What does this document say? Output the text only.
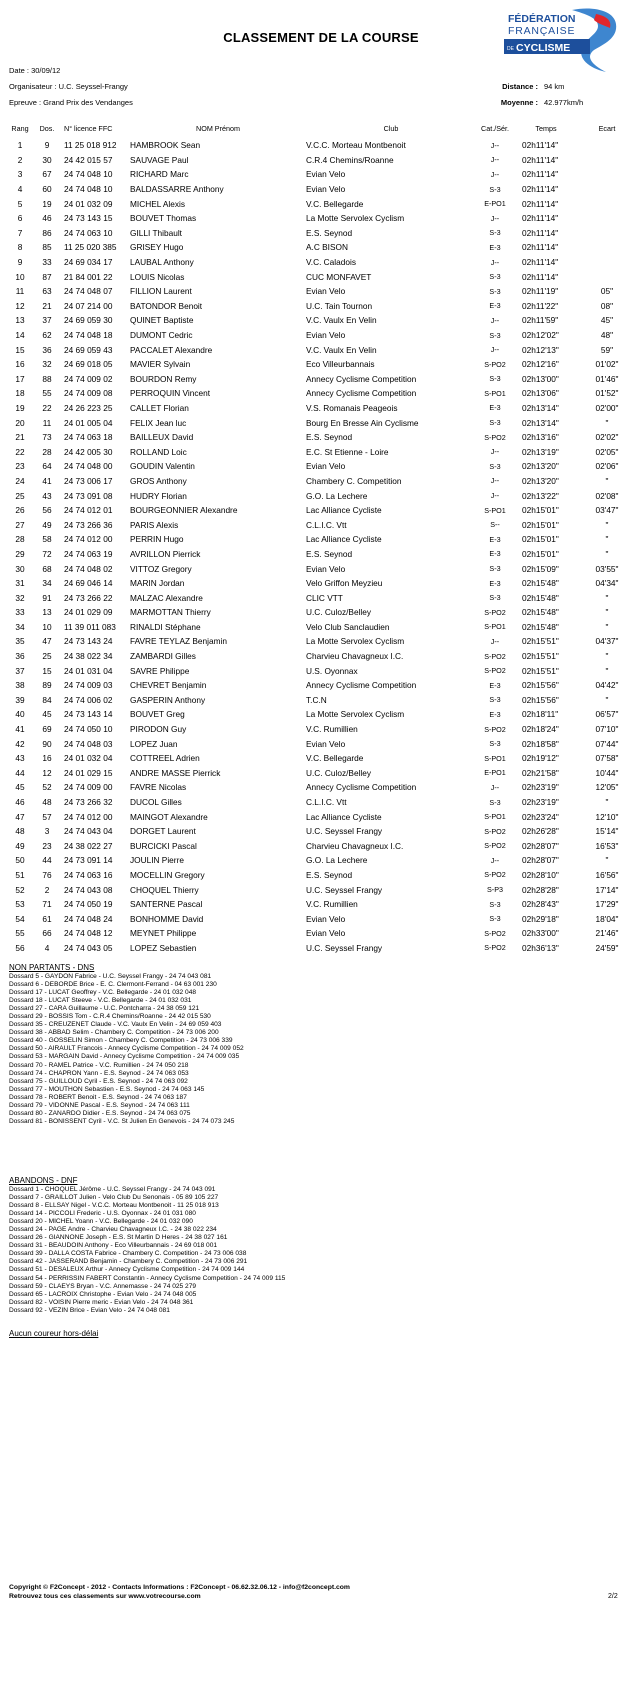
CLASSEMENT DE LA COURSE
FÉDÉRATION
FRANÇAISE
DE CYCLISME
Date : 30/09/12
Organisateur : U.C. Seyssel-Frangy
Epreuve : Grand Prix des Vendanges
Distance : 94 km
Moyenne : 42.977km/h
Rang	Dos.	N° licence FFC	NOM Prénom	Club	Cat./Sér.	Temps	Ecart
1	9	11 25 018 912	HAMBROOK Sean	V.C.C. Morteau Montbenoit	J--	02h11'14"	
2	30	24 42 015 57	SAUVAGE Paul	C.R.4 Chemins/Roanne	J--	02h11'14"	
3	67	24 74 048 10	RICHARD Marc	Evian Velo	J--	02h11'14"	
4	60	24 74 048 10	BALDASSARRE Anthony	Evian Velo	S-3	02h11'14"	
5	19	24 01 032 09	MICHEL Alexis	V.C. Bellegarde	E-PO1	02h11'14"	
6	46	24 73 143 15	BOUVET Thomas	La Motte Servolex Cyclism	J--	02h11'14"	
7	86	24 74 063 10	GILLI Thibault	E.S. Seynod	S-3	02h11'14"	
8	85	11 25 020 385	GRISEY Hugo	A.C BISON	E-3	02h11'14"	
9	33	24 69 034 17	LAUBAL Anthony	V.C. Caladois	J--	02h11'14"	
10	87	21 84 001 22	LOUIS Nicolas	CUC MONFAVET	S-3	02h11'14"	
11	63	24 74 048 07	FILLION Laurent	Evian Velo	S-3	02h11'19"	05"
12	21	24 07 214 00	BATONDOR Benoit	U.C. Tain Tournon	E-3	02h11'22"	08"
13	37	24 69 059 30	QUINET Baptiste	V.C. Vaulx En Velin	J--	02h11'59"	45"
14	62	24 74 048 18	DUMONT Cedric	Evian Velo	S-3	02h12'02"	48"
15	36	24 69 059 43	PACCALET Alexandre	V.C. Vaulx En Velin	J--	02h12'13"	59"
16	32	24 69 018 05	MAVIER Sylvain	Eco Villeurbannais	S-PO2	02h12'16"	01'02"
17	88	24 74 009 02	BOURDON Remy	Annecy Cyclisme Competition	S-3	02h13'00"	01'46"
18	55	24 74 009 08	PERROQUIN Vincent	Annecy Cyclisme Competition	S-PO1	02h13'06"	01'52"
19	22	24 26 223 25	CALLET Florian	V.S. Romanais Peageois	E-3	02h13'14"	02'00"
20	11	24 01 005 04	FELIX Jean luc	Bourg En Bresse Ain Cyclisme	S-3	02h13'14"	"
21	73	24 74 063 18	BAILLEUX David	E.S. Seynod	S-PO2	02h13'16"	02'02"
22	28	24 42 005 30	ROLLAND Loic	E.C. St Etienne - Loire	J--	02h13'19"	02'05"
23	64	24 74 048 00	GOUDIN Valentin	Evian Velo	S-3	02h13'20"	02'06"
24	41	24 73 006 17	GROS Anthony	Chambery C. Competition	J--	02h13'20"	"
25	43	24 73 091 08	HUDRY Florian	G.O. La Lechere	J--	02h13'22"	02'08"
26	56	24 74 012 01	BOURGEONNIER Alexandre	Lac Alliance Cycliste	S-PO1	02h15'01"	03'47"
27	49	24 73 266 36	PARIS Alexis	C.L.I.C. Vtt	S--	02h15'01"	"
28	58	24 74 012 00	PERRIN Hugo	Lac Alliance Cycliste	E-3	02h15'01"	"
29	72	24 74 063 19	AVRILLON Pierrick	E.S. Seynod	E-3	02h15'01"	"
30	68	24 74 048 02	VITTOZ Gregory	Evian Velo	S-3	02h15'09"	03'55"
31	34	24 69 046 14	MARIN Jordan	Velo Griffon Meyzieu	E-3	02h15'48"	04'34"
32	91	24 73 266 22	MALZAC Alexandre	CLIC VTT	S-3	02h15'48"	"
33	13	24 01 029 09	MARMOTTAN Thierry	U.C. Culoz/Belley	S-PO2	02h15'48"	"
34	10	11 39 011 083	RINALDI Stéphane	Velo Club Sanclaudien	S-PO1	02h15'48"	"
35	47	24 73 143 24	FAVRE TEYLAZ Benjamin	La Motte Servolex Cyclism	J--	02h15'51"	04'37"
36	25	24 38 022 34	ZAMBARDI Gilles	Charvieu Chavagneux I.C.	S-PO2	02h15'51"	"
37	15	24 01 031 04	SAVRE Philippe	U.S. Oyonnax	S-PO2	02h15'51"	"
38	89	24 74 009 03	CHEVRET Benjamin	Annecy Cyclisme Competition	E-3	02h15'56"	04'42"
39	84	24 74 006 02	GASPERIN Anthony	T.C.N	S-3	02h15'56"	"
40	45	24 73 143 14	BOUVET Greg	La Motte Servolex Cyclism	E-3	02h18'11"	06'57"
41	69	24 74 050 10	PIRODON Guy	V.C. Rumillien	S-PO2	02h18'24"	07'10"
42	90	24 74 048 03	LOPEZ Juan	Evian Velo	S-3	02h18'58"	07'44"
43	16	24 01 032 04	COTTREEL Adrien	V.C. Bellegarde	S-PO1	02h19'12"	07'58"
44	12	24 01 029 15	ANDRE MASSE Pierrick	U.C. Culoz/Belley	E-PO1	02h21'58"	10'44"
45	52	24 74 009 00	FAVRE Nicolas	Annecy Cyclisme Competition	J--	02h23'19"	12'05"
46	48	24 73 266 32	DUCOL Gilles	C.L.I.C. Vtt	S-3	02h23'19"	"
47	57	24 74 012 00	MAINGOT Alexandre	Lac Alliance Cycliste	S-PO1	02h23'24"	12'10"
48	3	24 74 043 04	DORGET Laurent	U.C. Seyssel Frangy	S-PO2	02h26'28"	15'14"
49	23	24 38 022 27	BURCICKI Pascal	Charvieu Chavagneux I.C.	S-PO2	02h28'07"	16'53"
50	44	24 73 091 14	JOULIN Pierre	G.O. La Lechere	J--	02h28'07"	"
51	76	24 74 063 16	MOCELLIN Gregory	E.S. Seynod	S-PO2	02h28'10"	16'56"
52	2	24 74 043 08	CHOQUEL Thierry	U.C. Seyssel Frangy	S-P3	02h28'28"	17'14"
53	71	24 74 050 19	SANTERNE Pascal	V.C. Rumillien	S-3	02h28'43"	17'29"
54	61	24 74 048 24	BONHOMME David	Evian Velo	S-3	02h29'18"	18'04"
55	66	24 74 048 12	MEYNET Philippe	Evian Velo	S-PO2	02h33'00"	21'46"
56	4	24 74 043 05	LOPEZ Sebastien	U.C. Seyssel Frangy	S-PO2	02h36'13"	24'59"
NON PARTANTS - DNS
Dossard 5 - GAYDON Fabrice - U.C. Seyssel Frangy - 24 74 043 081
Dossard 6 - DEBORDE Brice - E. C. Clermont-Ferrand - 04 63 001 230
Dossard 17 - LUCAT Geoffrey - V.C. Bellegarde - 24 01 032 048
Dossard 18 - LUCAT Steeve - V.C. Bellegarde - 24 01 032 031
Dossard 27 - CARA Guillaume - U.C. Pontcharra - 24 38 059 121
Dossard 29 - BOSSIS Tom - C.R.4 Chemins/Roanne - 24 42 015 530
Dossard 35 - CREUZENET Claude - V.C. Vaulx En Velin - 24 69 059 403
Dossard 38 - ABBAD Selim - Chambery C. Competition - 24 73 006 200
Dossard 40 - GOSSELIN Simon - Chambery C. Competition - 24 73 006 339
Dossard 50 - AIRAULT Francois - Annecy Cyclisme Competition - 24 74 009 052
Dossard 53 - MARGAIN David - Annecy Cyclisme Competition - 24 74 009 035
Dossard 70 - RAMEL Patrice - V.C. Rumillien - 24 74 050 218
Dossard 74 - CHAPRON Yann - E.S. Seynod - 24 74 063 053
Dossard 75 - GUILLOUD Cyril - E.S. Seynod - 24 74 063 092
Dossard 77 - MOUTHON Sebastien - E.S. Seynod - 24 74 063 145
Dossard 78 - ROBERT Benoit - E.S. Seynod - 24 74 063 187
Dossard 79 - VIDONNE Pascal - E.S. Seynod - 24 74 063 111
Dossard 80 - ZANARDO Didier - E.S. Seynod - 24 74 063 075
Dossard 81 - BONISSENT Cyril - V.C. St Julien En Genevois - 24 74 073 245
ABANDONS - DNF
Dossard 1 - CHOQUEL Jérôme - U.C. Seyssel Frangy - 24 74 043 091
Dossard 7 - GRAILLOT Julien - Velo Club Du Senonais - 05 89 105 227
Dossard 8 - ELLSAY Nigel - V.C.C. Morteau Montbenoit - 11 25 018 913
Dossard 14 - PICCOLI Frederic - U.S. Oyonnax - 24 01 031 080
Dossard 20 - MICHEL Yoann - V.C. Bellegarde - 24 01 032 090
Dossard 24 - PAGE Andre - Charvieu Chavagneux I.C. - 24 38 022 234
Dossard 26 - GIANNONE Joseph - E.S. St Martin D Heres - 24 38 027 161
Dossard 31 - BEAUDOIN Anthony - Eco Villeurbannais - 24 69 018 001
Dossard 39 - DALLA COSTA Fabrice - Chambery C. Competition - 24 73 006 038
Dossard 42 - JASSERAND Benjamin - Chambery C. Competition - 24 73 006 291
Dossard 51 - DESALEUX Arthur - Annecy Cyclisme Competition - 24 74 009 144
Dossard 54 - PERRISSIN FABERT Constantin - Annecy Cyclisme Competition - 24 74 009 115
Dossard 59 - CLAEYS Bryan - V.C. Annemasse - 24 74 025 279
Dossard 65 - LACROIX Christophe - Evian Velo - 24 74 048 005
Dossard 82 - VOISIN Pierre meric - Evian Velo - 24 74 048 361
Dossard 92 - VEZIN Brice - Evian Velo - 24 74 048 081
Aucun coureur hors-délai
Copyright © F2Concept - 2012 - Contacts Informations : F2Concept - 06.62.32.06.12 - info@f2concept.com
Retrouvez tous ces classements sur www.votrecourse.com	2/2
